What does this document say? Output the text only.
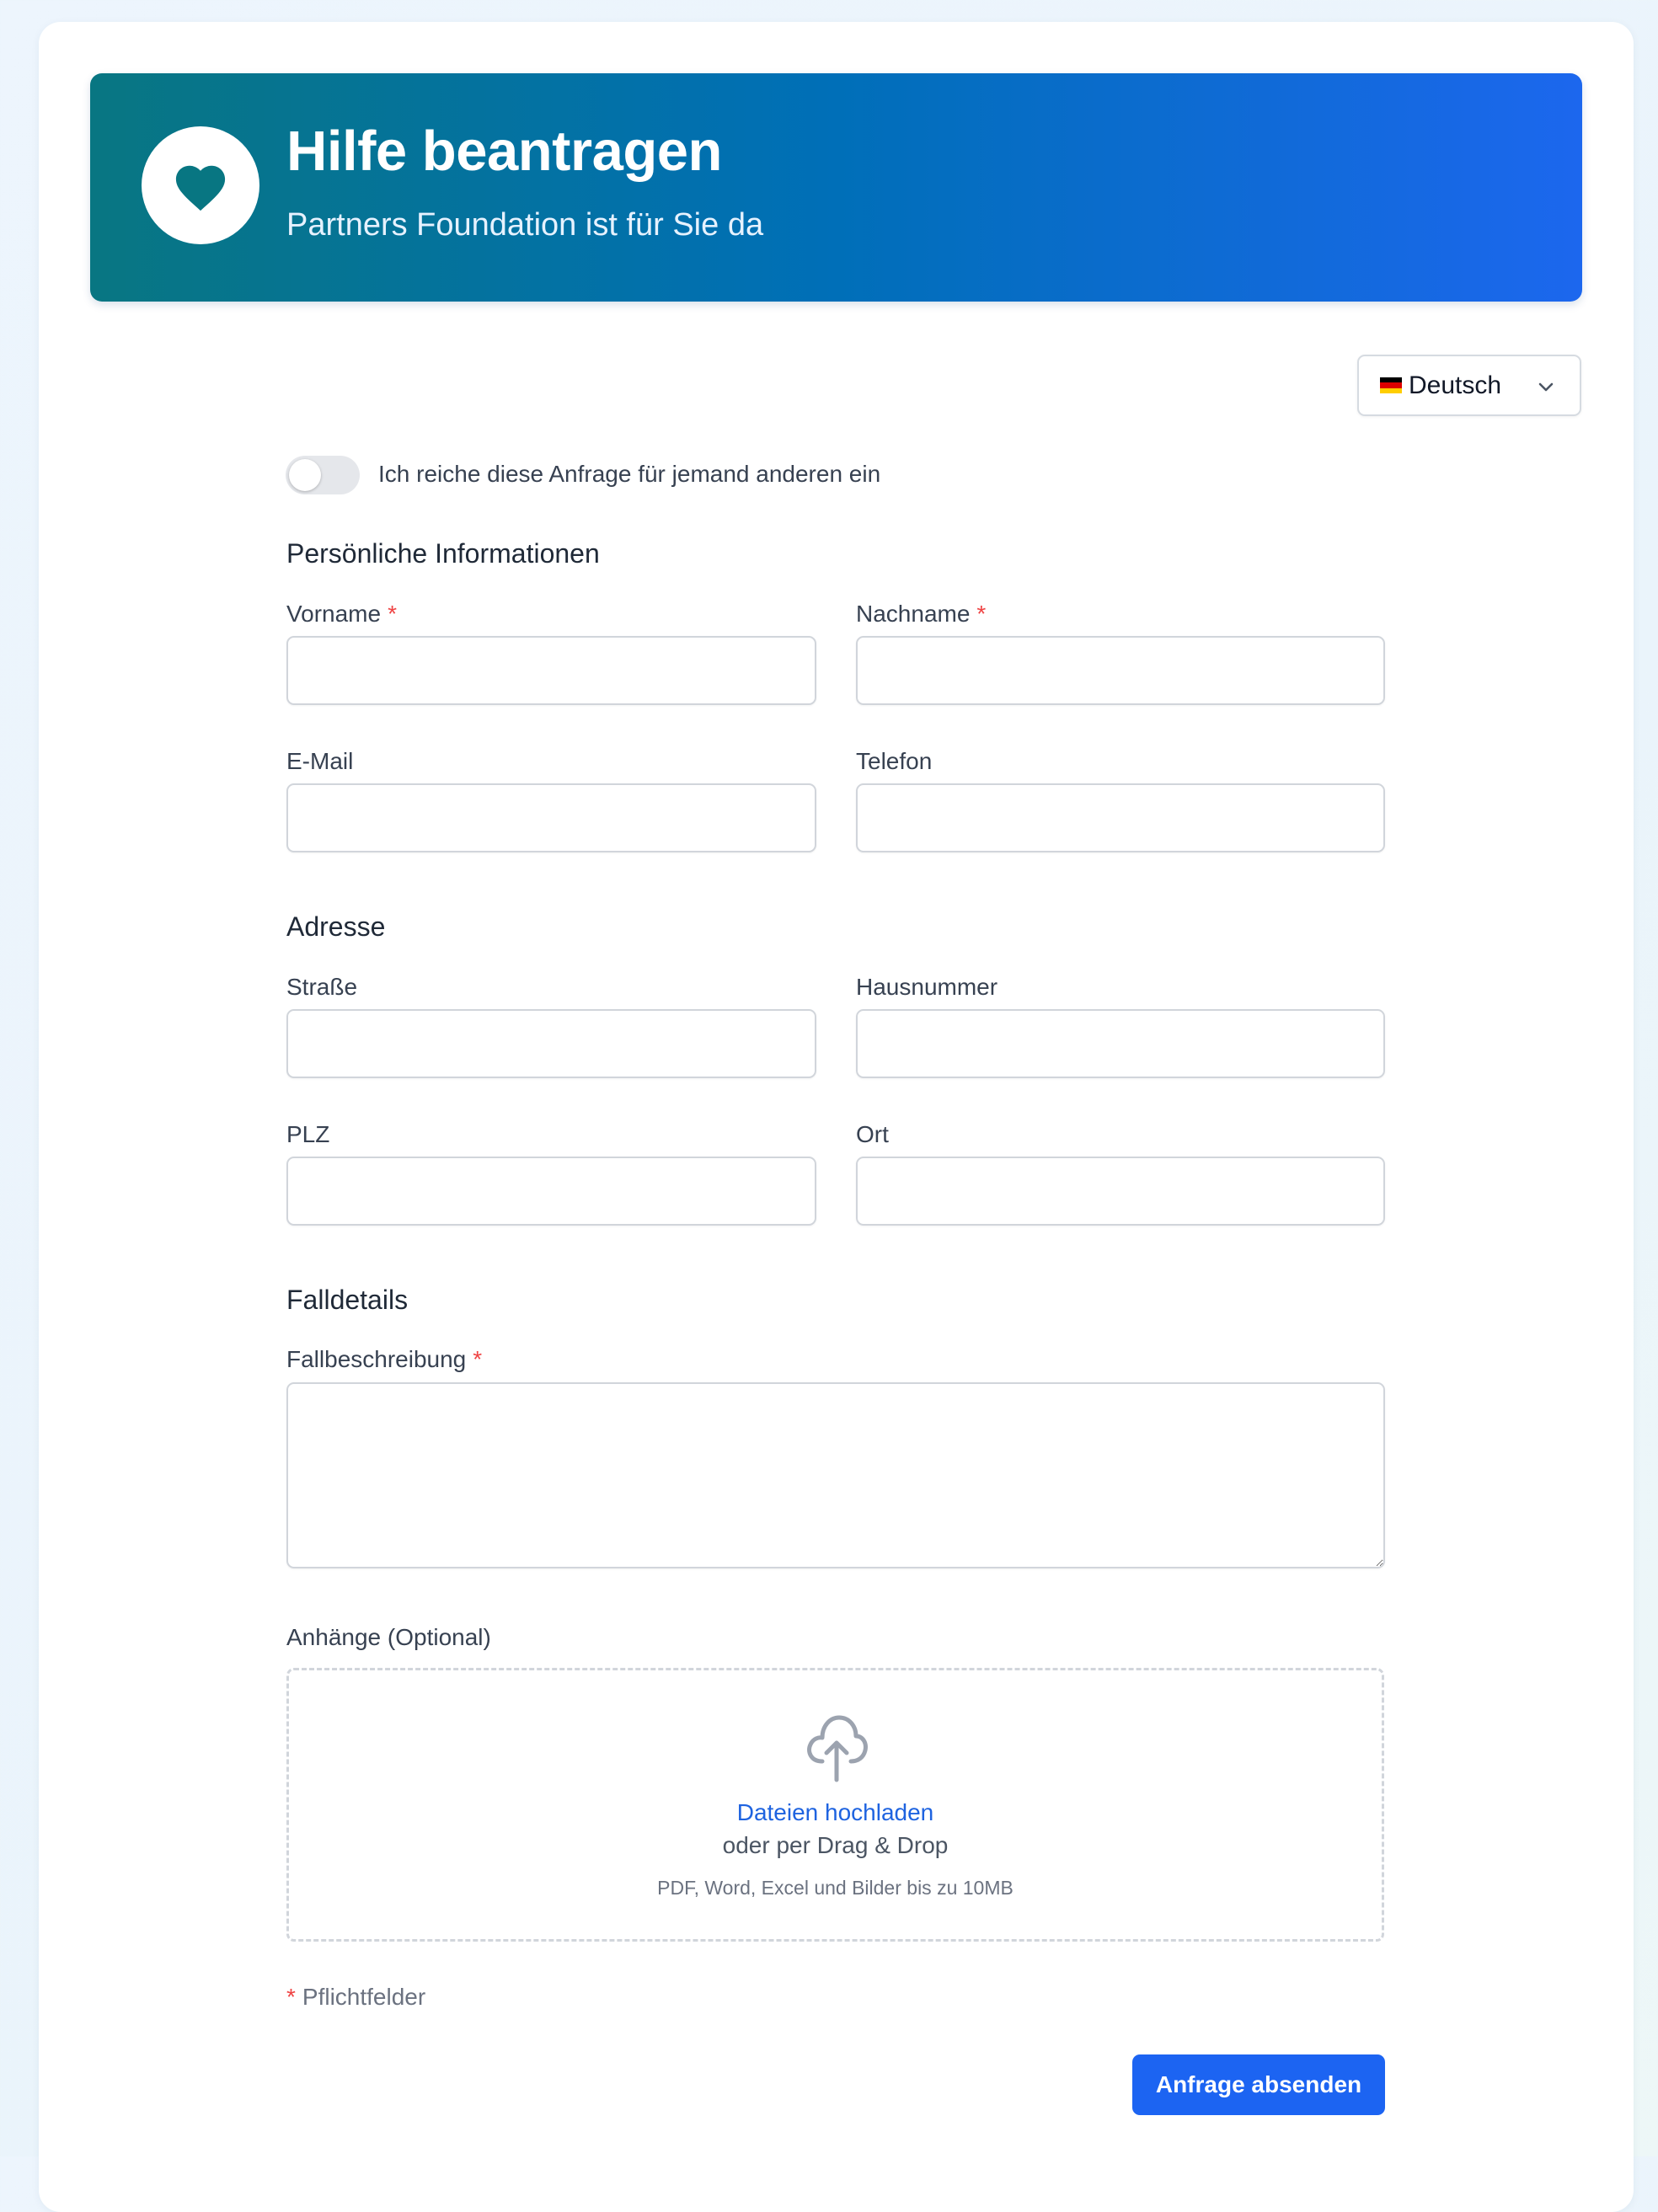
Hilfe beantragen
Partners Foundation ist für Sie da
Deutsch
Ich reiche diese Anfrage für jemand anderen ein
Persönliche Informationen
Vorname *	Nachname *
E-Mail	Telefon
Adresse
Straße	Hausnummer
PLZ	Ort
Falldetails
Fallbeschreibung *
Anhänge (Optional)
Dateien hochladen
oder per Drag & Drop
PDF, Word, Excel und Bilder bis zu 10MB
* Pflichtfelder
Anfrage absenden
